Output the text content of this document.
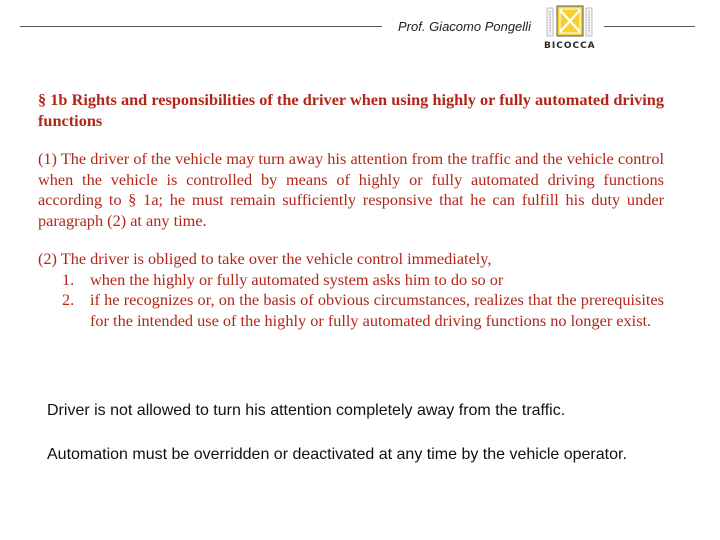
Prof. Giacomo Pongelli
BICOCCA

§ 1b Rights and responsibilities of the driver when using highly or fully automated driving functions

(1) The driver of the vehicle may turn away his attention from the traffic and the vehicle control when the vehicle is controlled by means of highly or fully automated driving functions according to § 1a; he must remain sufficiently responsive that he can fulfill his duty under paragraph (2) at any time.

(2) The driver is obliged to take over the vehicle control immediately,

1. when the highly or fully automated system asks him to do so or
2. if he recognizes or, on the basis of obvious circumstances, realizes that the prerequisites for the intended use of the highly or fully automated driving functions no longer exist.
Driver is not allowed to turn his attention completely away from the traffic.
Automation must be overridden or deactivated at any time by the vehicle operator.
